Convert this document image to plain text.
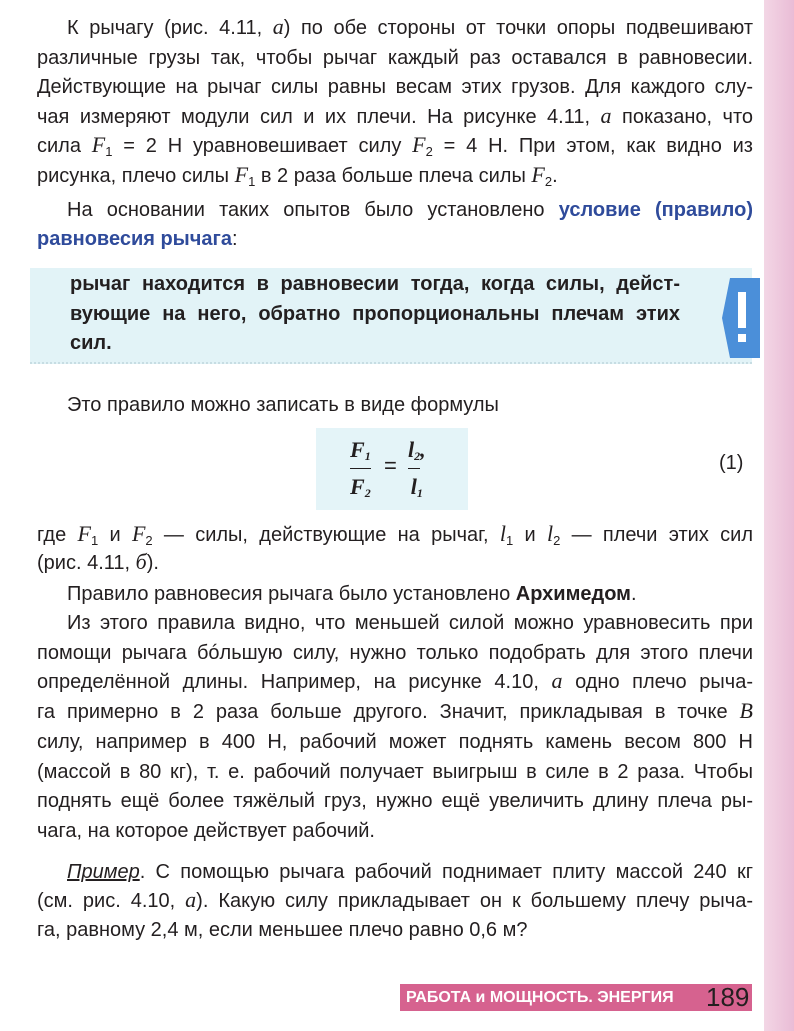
К рычагу (рис. 4.11, а) по обе стороны от точки опоры подвешивают
различные грузы так, чтобы рычаг каждый раз оставался в равновесии.
Действующие на рычаг силы равны весам этих грузов. Для каждого слу-
чая измеряют модули сил и их плечи. На рисунке 4.11, а показано, что
сила $F_1 = 2$ Н уравновешивает силу $F_2 = 4$ Н. При этом, как видно из
рисунка, плечо силы $F_1$ в 2 раза больше плеча силы $F_2$.
На основании таких опытов было установлено условие (правило)
равновесия рычага:
рычаг находится в равновесии тогда, когда силы, дейст-
вующие на него, обратно пропорциональны плечам этих
сил.
Это правило можно записать в виде формулы
$F_1$
$F_2$
=
$l_2$,
$l_1$
(1)
где $F_1$ и $F_2$ — силы, действующие на рычаг, $l_1$ и $l_2$ — плечи этих сил
(рис. 4.11, б).
Правило равновесия рычага было установлено Архимедом.
Из этого правила видно, что меньшей силой можно уравновесить при
помощи рычага бóльшую силу, нужно только подобрать для этого плечи
определённой длины. Например, на рисунке 4.10, а одно плечо рыча-
га примерно в 2 раза больше другого. Значит, прикладывая в точке B
силу, например в 400 Н, рабочий может поднять камень весом 800 Н
(массой в 80 кг), т. е. рабочий получает выигрыш в силе в 2 раза. Чтобы
поднять ещё более тяжёлый груз, нужно ещё увеличить длину плеча ры-
чага, на которое действует рабочий.
Пример. С помощью рычага рабочий поднимает плиту массой 240 кг
(см. рис. 4.10, а). Какую силу прикладывает он к большему плечу рыча-
га, равному 2,4 м, если меньшее плечо равно 0,6 м?
РАБОТА и МОЩНОСТЬ. ЭНЕРГИЯ 189
